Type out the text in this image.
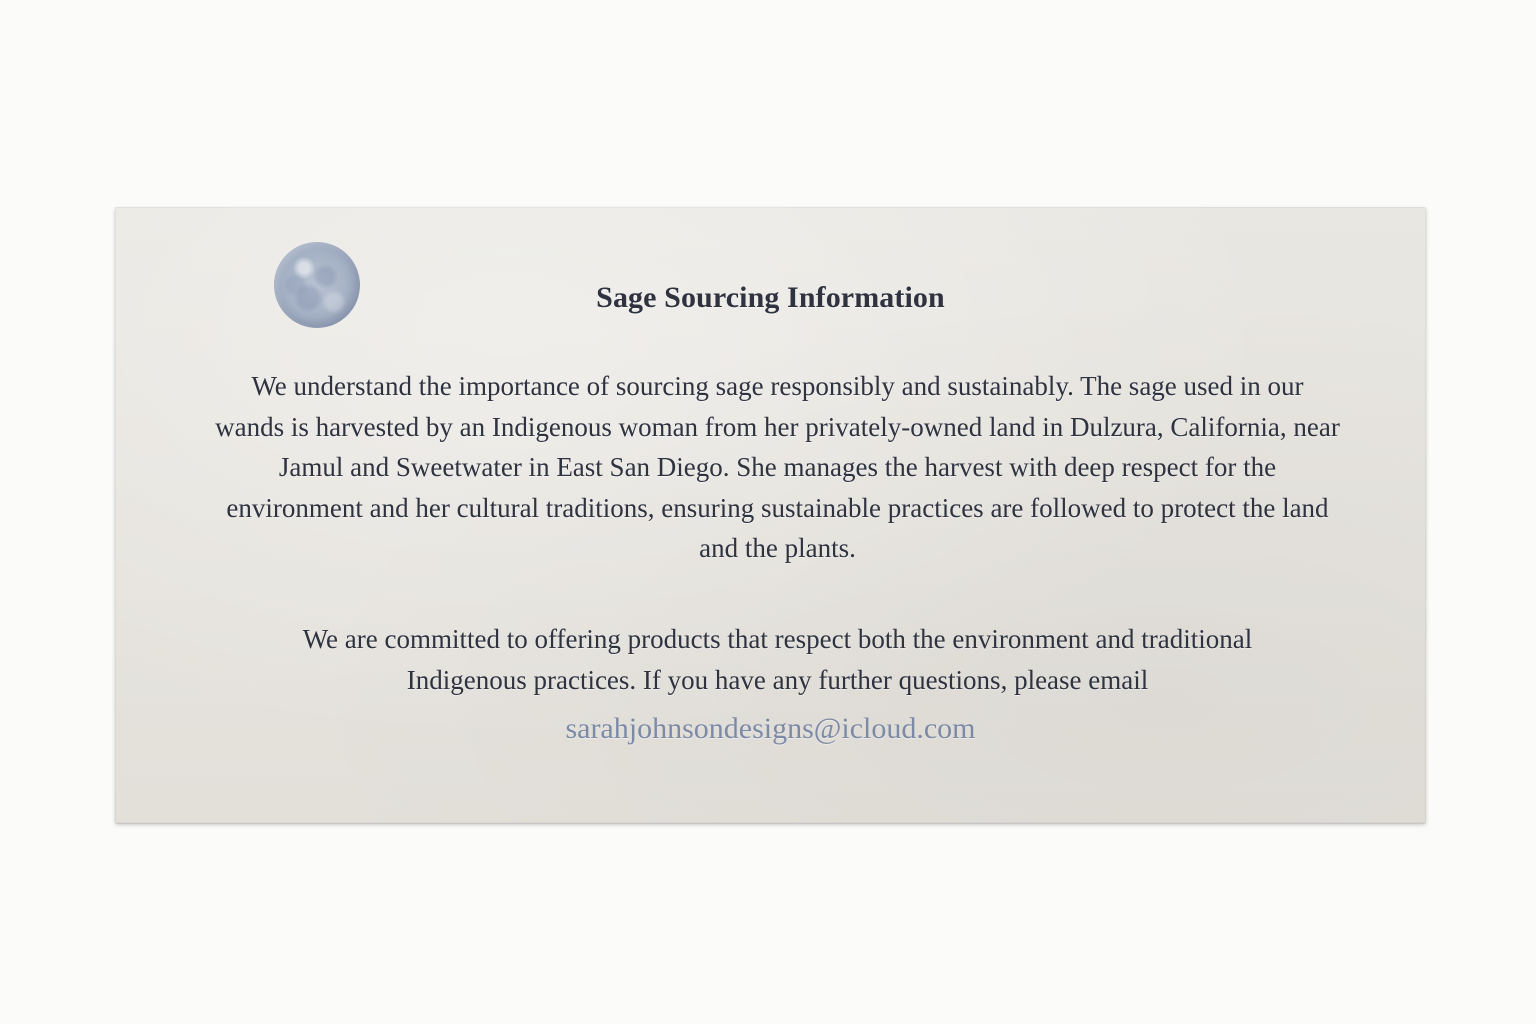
Sage Sourcing Information

We understand the importance of sourcing sage responsibly and sustainably. The sage used in our wands is harvested by an Indigenous woman from her privately-owned land in Dulzura, California, near Jamul and Sweetwater in East San Diego. She manages the harvest with deep respect for the environment and her cultural traditions, ensuring sustainable practices are followed to protect the land and the plants.

We are committed to offering products that respect both the environment and traditional Indigenous practices. If you have any further questions, please email

sarahjohnsondesigns@icloud.com
